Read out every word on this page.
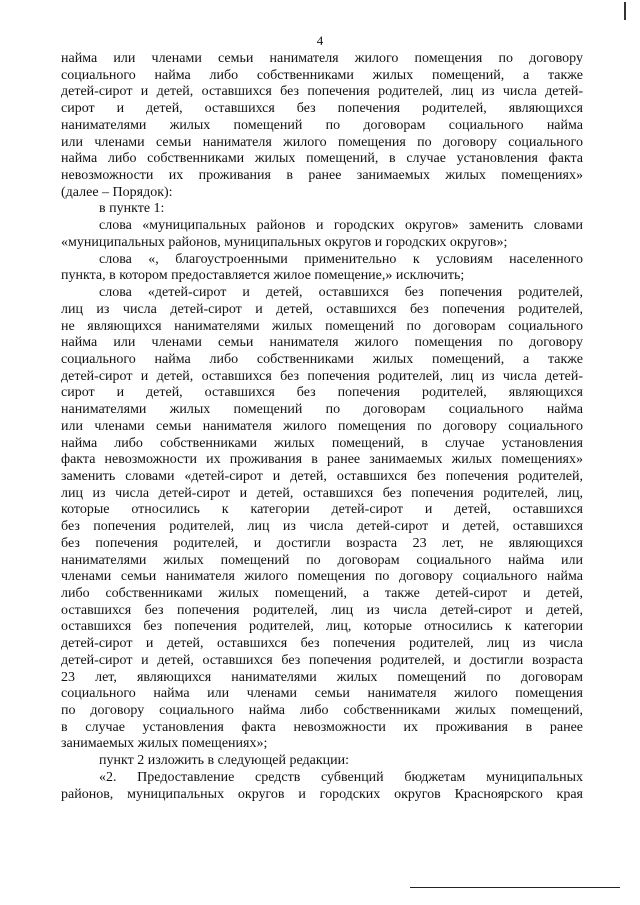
4
найма или членами семьи нанимателя жилого помещения по договору
социального найма либо собственниками жилых помещений, а также
детей-сирот и детей, оставшихся без попечения родителей, лиц из числа детей-
сирот и детей, оставшихся без попечения родителей, являющихся
нанимателями жилых помещений по договорам социального найма
или членами семьи нанимателя жилого помещения по договору социального
найма либо собственниками жилых помещений, в случае установления факта
невозможности их проживания в ранее занимаемых жилых помещениях»
(далее – Порядок):
в пункте 1:
слова «муниципальных районов и городских округов» заменить словами
«муниципальных районов, муниципальных округов и городских округов»;
слова «, благоустроенными применительно к условиям населенного
пункта, в котором предоставляется жилое помещение,» исключить;
слова «детей-сирот и детей, оставшихся без попечения родителей,
лиц из числа детей-сирот и детей, оставшихся без попечения родителей,
не являющихся нанимателями жилых помещений по договорам социального
найма или членами семьи нанимателя жилого помещения по договору
социального найма либо собственниками жилых помещений, а также
детей-сирот и детей, оставшихся без попечения родителей, лиц из числа детей-
сирот и детей, оставшихся без попечения родителей, являющихся
нанимателями жилых помещений по договорам социального найма
или членами семьи нанимателя жилого помещения по договору социального
найма либо собственниками жилых помещений, в случае установления
факта невозможности их проживания в ранее занимаемых жилых помещениях»
заменить словами «детей-сирот и детей, оставшихся без попечения родителей,
лиц из числа детей-сирот и детей, оставшихся без попечения родителей, лиц,
которые относились к категории детей-сирот и детей, оставшихся
без попечения родителей, лиц из числа детей-сирот и детей, оставшихся
без попечения родителей, и достигли возраста 23 лет, не являющихся
нанимателями жилых помещений по договорам социального найма или
членами семьи нанимателя жилого помещения по договору социального найма
либо собственниками жилых помещений, а также детей-сирот и детей,
оставшихся без попечения родителей, лиц из числа детей-сирот и детей,
оставшихся без попечения родителей, лиц, которые относились к категории
детей-сирот и детей, оставшихся без попечения родителей, лиц из числа
детей-сирот и детей, оставшихся без попечения родителей, и достигли возраста
23 лет, являющихся нанимателями жилых помещений по договорам
социального найма или членами семьи нанимателя жилого помещения
по договору социального найма либо собственниками жилых помещений,
в случае установления факта невозможности их проживания в ранее
занимаемых жилых помещениях»;
пункт 2 изложить в следующей редакции:
«2. Предоставление средств субвенций бюджетам муниципальных
районов, муниципальных округов и городских округов Красноярского края
